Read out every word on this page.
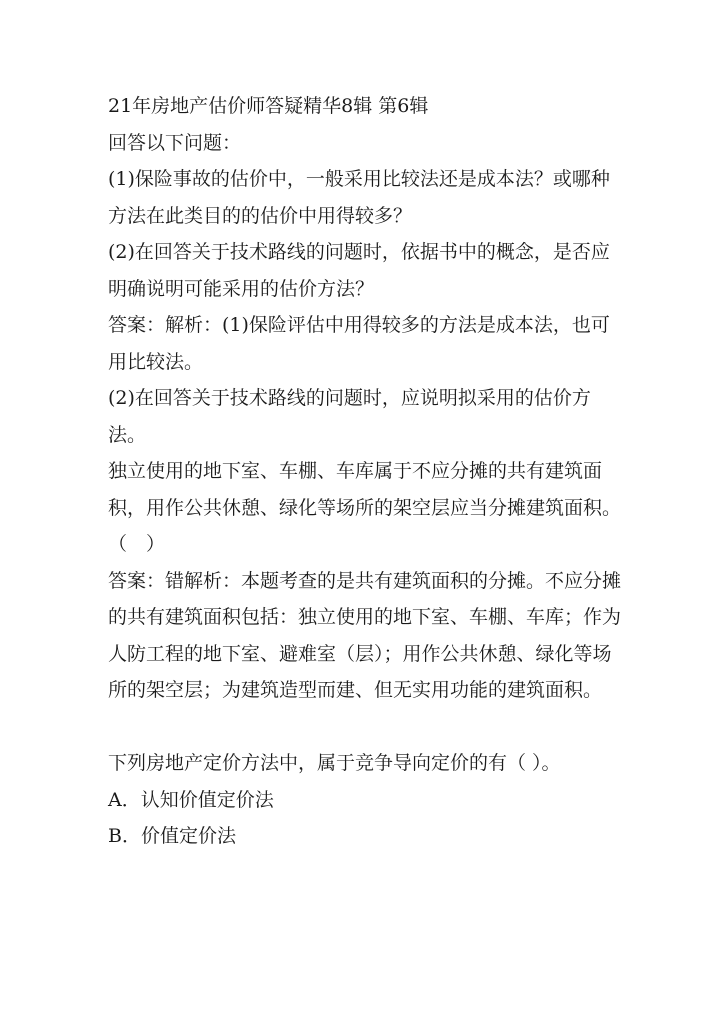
21年房地产估价师答疑精华8辑 第6辑

回答以下问题：

(1)保险事故的估价中，一般采用比较法还是成本法？或哪种方法在此类目的的估价中用得较多？

(2)在回答关于技术路线的问题时，依据书中的概念，是否应明确说明可能采用的估价方法？

答案：解析：(1)保险评估中用得较多的方法是成本法，也可用比较法。

(2)在回答关于技术路线的问题时，应说明拟采用的估价方法。

独立使用的地下室、车棚、车库属于不应分摊的共有建筑面积，用作公共休憩、绿化等场所的架空层应当分摊建筑面积。（　）

答案：错解析：本题考查的是共有建筑面积的分摊。不应分摊的共有建筑面积包括：独立使用的地下室、车棚、车库；作为人防工程的地下室、避难室（层）；用作公共休憩、绿化等场所的架空层；为建筑造型而建、但无实用功能的建筑面积。

下列房地产定价方法中，属于竞争导向定价的有（ ）。

A．认知价值定价法

B．价值定价法
